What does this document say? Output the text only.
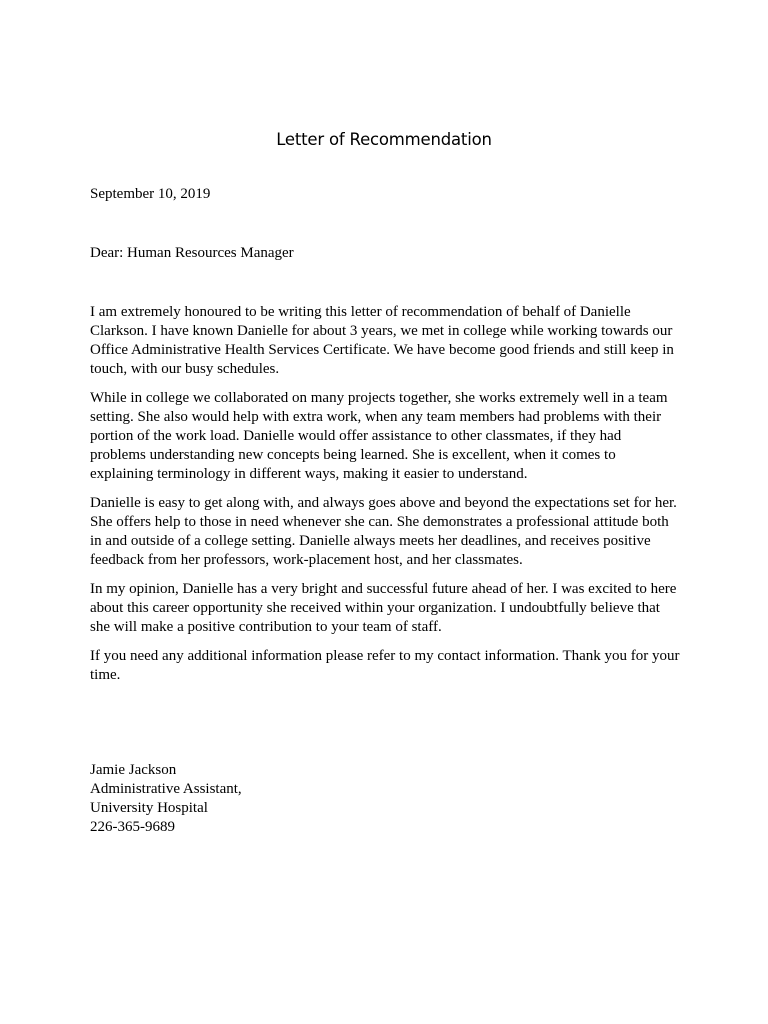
Letter of Recommendation
September 10, 2019
Dear: Human Resources Manager

I am extremely honoured to be writing this letter of recommendation of behalf of Danielle Clarkson. I have known Danielle for about 3 years, we met in college while working towards our Office Administrative Health Services Certificate. We have become good friends and still keep in touch, with our busy schedules.

While in college we collaborated on many projects together, she works extremely well in a team setting. She also would help with extra work, when any team members had problems with their portion of the work load. Danielle would offer assistance to other classmates, if they had problems understanding new concepts being learned. She is excellent, when it comes to explaining terminology in different ways, making it easier to understand.

Danielle is easy to get along with, and always goes above and beyond the expectations set for her. She offers help to those in need whenever she can. She demonstrates a professional attitude both in and outside of a college setting. Danielle always meets her deadlines, and receives positive feedback from her professors, work-placement host, and her classmates.

In my opinion, Danielle has a very bright and successful future ahead of her. I was excited to here about this career opportunity she received within your organization. I undoubtfully believe that she will make a positive contribution to your team of staff.

If you need any additional information please refer to my contact information. Thank you for your time.

Jamie Jackson
Administrative Assistant,
University Hospital
226-365-9689
